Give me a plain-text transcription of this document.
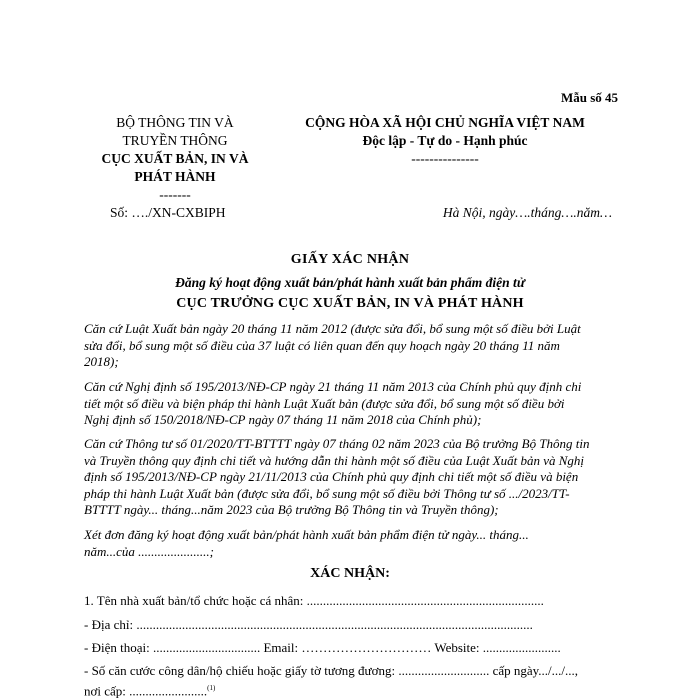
Mẫu số 45
BỘ THÔNG TIN VÀ
TRUYỀN THÔNG
CỤC XUẤT BẢN, IN VÀ
PHÁT HÀNH
-------
CỘNG HÒA XÃ HỘI CHỦ NGHĨA VIỆT NAM
Độc lập - Tự do - Hạnh phúc
---------------
Số: …./XN-CXBIPH	Hà Nội, ngày….tháng….năm…
GIẤY XÁC NHẬN
Đăng ký hoạt động xuất bản/phát hành xuất bản phẩm điện tử
CỤC TRƯỞNG CỤC XUẤT BẢN, IN VÀ PHÁT HÀNH
Căn cứ Luật Xuất bản ngày 20 tháng 11 năm 2012 (được sửa đổi, bổ sung một số điều bởi Luật
sửa đổi, bổ sung một số điều của 37 luật có liên quan đến quy hoạch ngày 20 tháng 11 năm
2018);
Căn cứ Nghị định số 195/2013/NĐ-CP ngày 21 tháng 11 năm 2013 của Chính phủ quy định chi
tiết một số điều và biện pháp thi hành Luật Xuất bản (được sửa đổi, bổ sung một số điều bởi
Nghị định số 150/2018/NĐ-CP ngày 07 tháng 11 năm 2018 của Chính phủ);
Căn cứ Thông tư số 01/2020/TT-BTTTT ngày 07 tháng 02 năm 2023 của Bộ trưởng Bộ Thông tin
và Truyền thông quy định chi tiết và hướng dẫn thi hành một số điều của Luật Xuất bản và Nghị
định số 195/2013/NĐ-CP ngày 21/11/2013 của Chính phủ quy định chi tiết một số điều và biện
pháp thi hành Luật Xuất bản (được sửa đổi, bổ sung một số điều bởi Thông tư số .../2023/TT-
BTTTT ngày... tháng...năm 2023 của Bộ trưởng Bộ Thông tin và Truyền thông);
Xét đơn đăng ký hoạt động xuất bản/phát hành xuất bản phẩm điện tử ngày... tháng...
năm...của ......................;
XÁC NHẬN:
1. Tên nhà xuất bản/tổ chức hoặc cá nhân: .........................................................................
- Địa chỉ: ..........................................................................................................................
- Điện thoại: ................................. Email: ………………………… Website: ........................
- Số căn cước công dân/hộ chiếu hoặc giấy tờ tương đương: ............................ cấp ngày.../.../...,
nơi cấp: ........................$^{(1)}$
